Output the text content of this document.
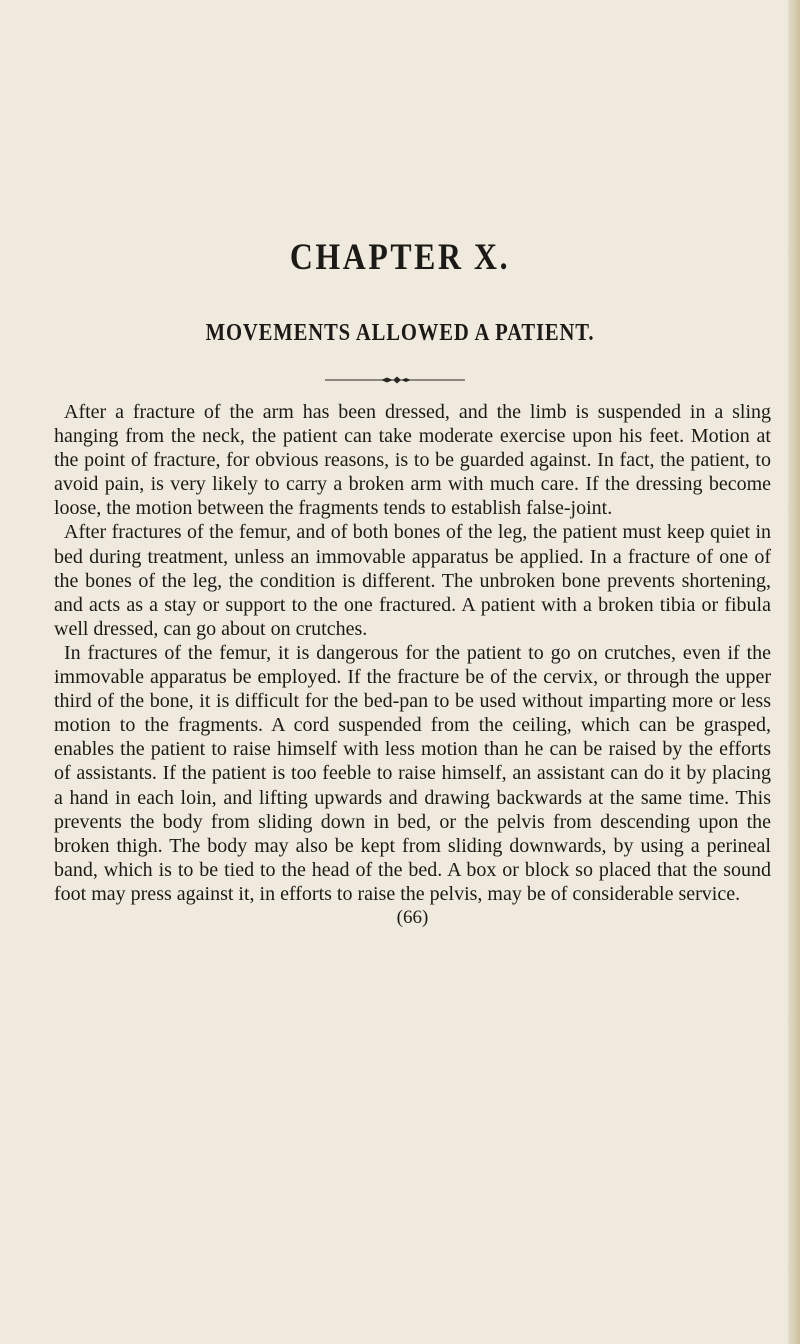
CHAPTER X.
MOVEMENTS ALLOWED A PATIENT.

After a fracture of the arm has been dressed, and the limb is suspended in a sling hanging from the neck, the patient can take moderate exercise upon his feet. Motion at the point of fracture, for obvious reasons, is to be guarded against. In fact, the patient, to avoid pain, is very likely to carry a broken arm with much care. If the dressing become loose, the motion between the fragments tends to establish false-joint.

After fractures of the femur, and of both bones of the leg, the patient must keep quiet in bed during treatment, unless an immovable apparatus be applied. In a fracture of one of the bones of the leg, the condition is different. The unbroken bone prevents shortening, and acts as a stay or support to the one fractured. A patient with a broken tibia or fibula well dressed, can go about on crutches.

In fractures of the femur, it is dangerous for the patient to go on crutches, even if the immovable apparatus be employed. If the fracture be of the cervix, or through the upper third of the bone, it is difficult for the bed-pan to be used without imparting more or less motion to the fragments. A cord suspended from the ceiling, which can be grasped, enables the patient to raise himself with less motion than he can be raised by the efforts of assistants. If the patient is too feeble to raise himself, an assistant can do it by placing a hand in each loin, and lifting upwards and drawing backwards at the same time. This prevents the body from sliding down in bed, or the pelvis from descending upon the broken thigh. The body may also be kept from sliding downwards, by using a perineal band, which is to be tied to the head of the bed. A box or block so placed that the sound foot may press against it, in efforts to raise the pelvis, may be of considerable service.

(66)
